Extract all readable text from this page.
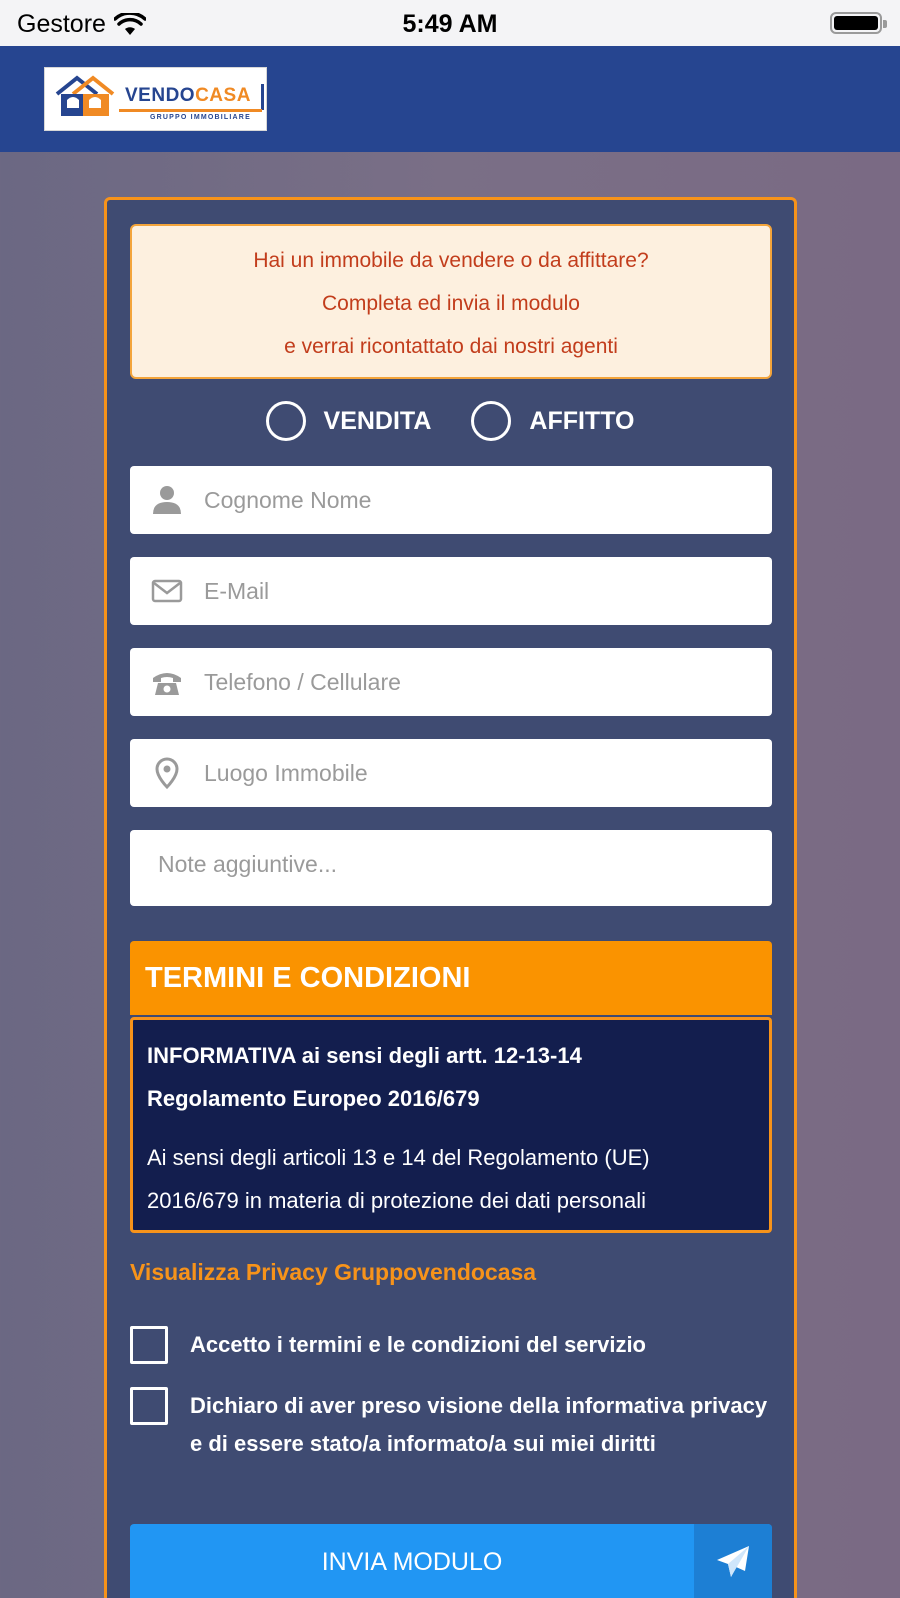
Gestore	5:49 AM
VENDOCASA
GRUPPO IMMOBILIARE
Hai un immobile da vendere o da affittare?
Completa ed invia il modulo
e verrai ricontattato dai nostri agenti
VENDITA	AFFITTO
Cognome Nome
E-Mail
Telefono / Cellulare
Luogo Immobile
Note aggiuntive...
TERMINI E CONDIZIONI
INFORMATIVA ai sensi degli artt. 12-13-14
Regolamento Europeo 2016/679
Ai sensi degli articoli 13 e 14 del Regolamento (UE)
2016/679 in materia di protezione dei dati personali
Visualizza Privacy Gruppovendocasa
Accetto i termini e le condizioni del servizio
Dichiaro di aver preso visione della informativa privacy e di essere stato/a informato/a sui miei diritti
INVIA MODULO
